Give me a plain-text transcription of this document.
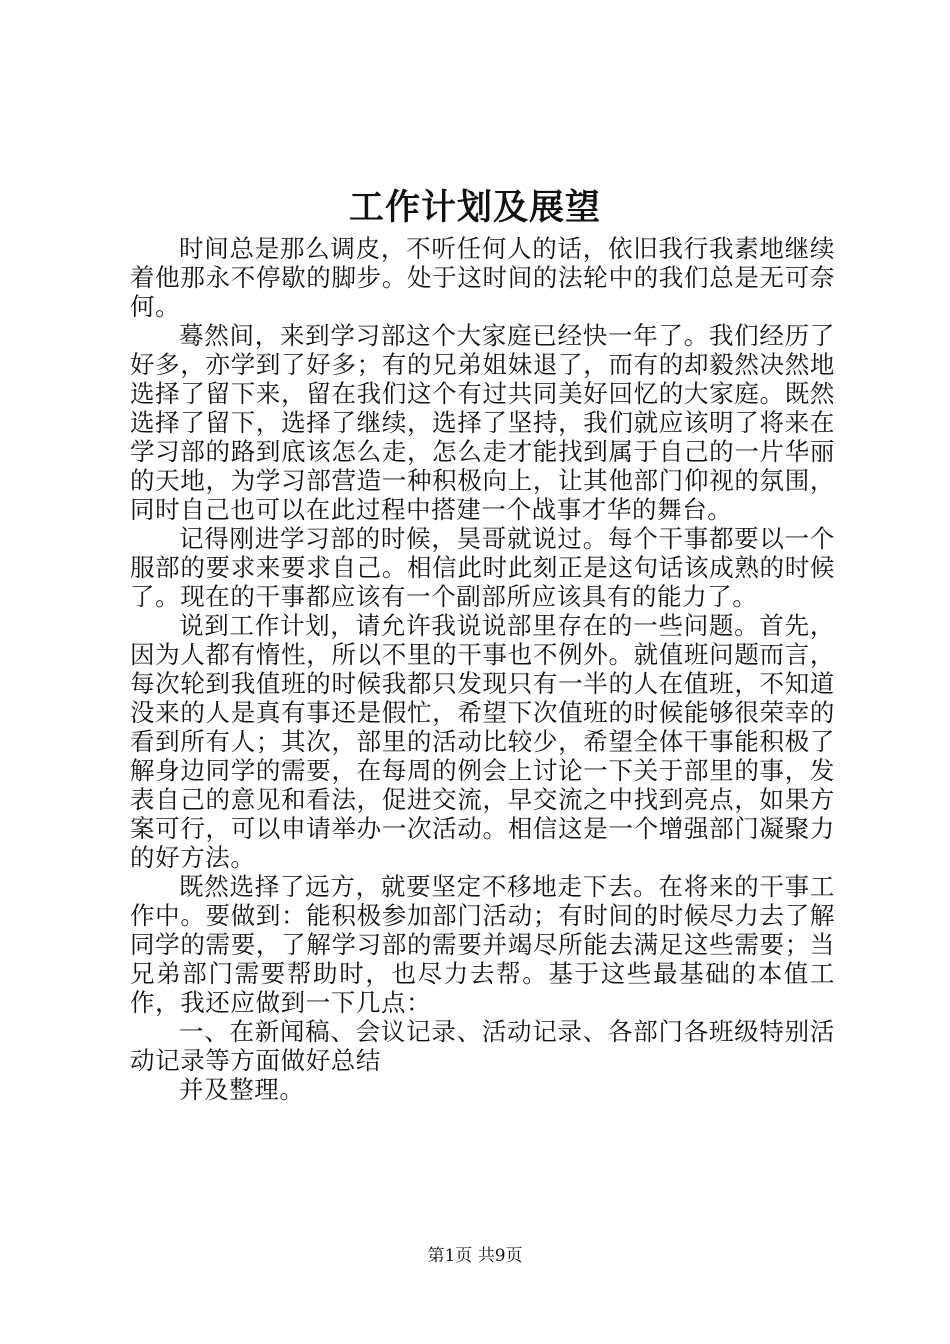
工作计划及展望

时间总是那么调皮，不听任何人的话，依旧我行我素地继续着他那永不停歇的脚步。处于这时间的法轮中的我们总是无可奈何。

蓦然间，来到学习部这个大家庭已经快一年了。我们经历了好多，亦学到了好多；有的兄弟姐妹退了，而有的却毅然决然地选择了留下来，留在我们这个有过共同美好回忆的大家庭。既然选择了留下，选择了继续，选择了坚持，我们就应该明了将来在学习部的路到底该怎么走，怎么走才能找到属于自己的一片华丽的天地，为学习部营造一种积极向上，让其他部门仰视的氛围，同时自己也可以在此过程中搭建一个战事才华的舞台。

记得刚进学习部的时候，昊哥就说过。每个干事都要以一个服部的要求来要求自己。相信此时此刻正是这句话该成熟的时候了。现在的干事都应该有一个副部所应该具有的能力了。

说到工作计划，请允许我说说部里存在的一些问题。首先，因为人都有惰性，所以不里的干事也不例外。就值班问题而言，每次轮到我值班的时候我都只发现只有一半的人在值班，不知道没来的人是真有事还是假忙，希望下次值班的时候能够很荣幸的看到所有人；其次，部里的活动比较少，希望全体干事能积极了解身边同学的需要，在每周的例会上讨论一下关于部里的事，发表自己的意见和看法，促进交流，早交流之中找到亮点，如果方案可行，可以申请举办一次活动。相信这是一个增强部门凝聚力的好方法。

既然选择了远方，就要坚定不移地走下去。在将来的干事工作中。要做到：能积极参加部门活动；有时间的时候尽力去了解同学的需要，了解学习部的需要并竭尽所能去满足这些需要；当兄弟部门需要帮助时，也尽力去帮。基于这些最基础的本值工作，我还应做到一下几点：

一、在新闻稿、会议记录、活动记录、各部门各班级特别活动记录等方面做好总结

并及整理。

第1页 共9页
